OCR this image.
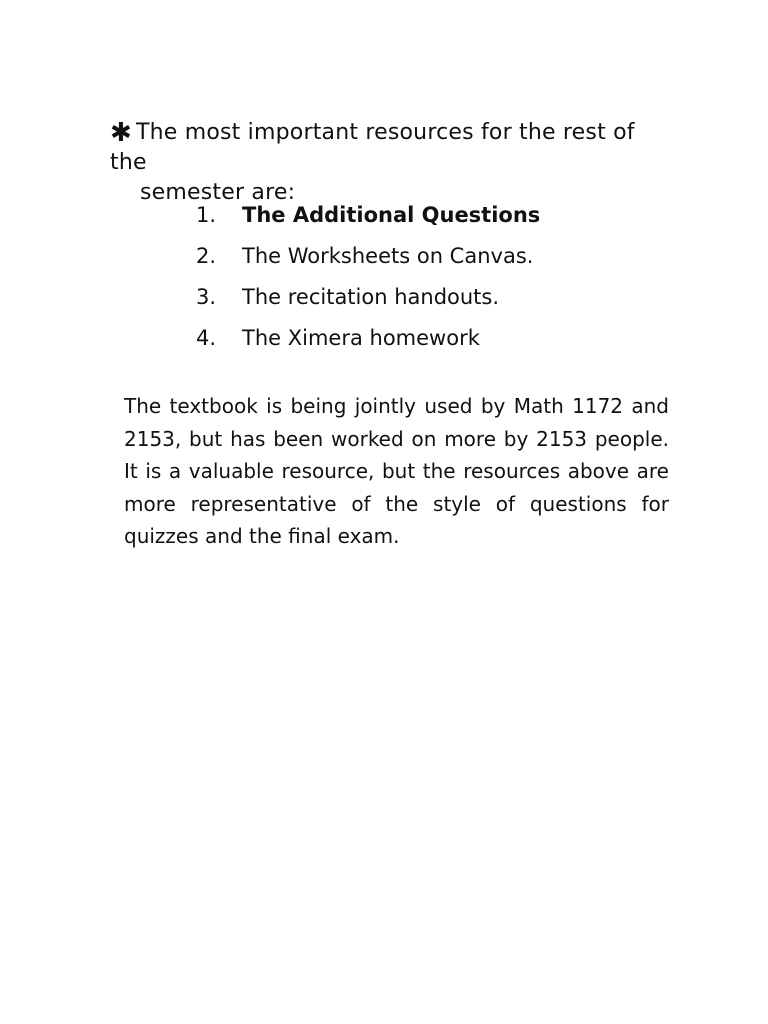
✱ The most important resources for the rest of the
semester are:
1.	The Additional Questions
2.	The Worksheets on Canvas.
3.	The recitation handouts.
4.	The Ximera homework

The textbook is being jointly used by Math 1172 and 2153, but has been worked on more by 2153 people. It is a valuable resource, but the resources above are more representative of the style of questions for quizzes and the final exam.
